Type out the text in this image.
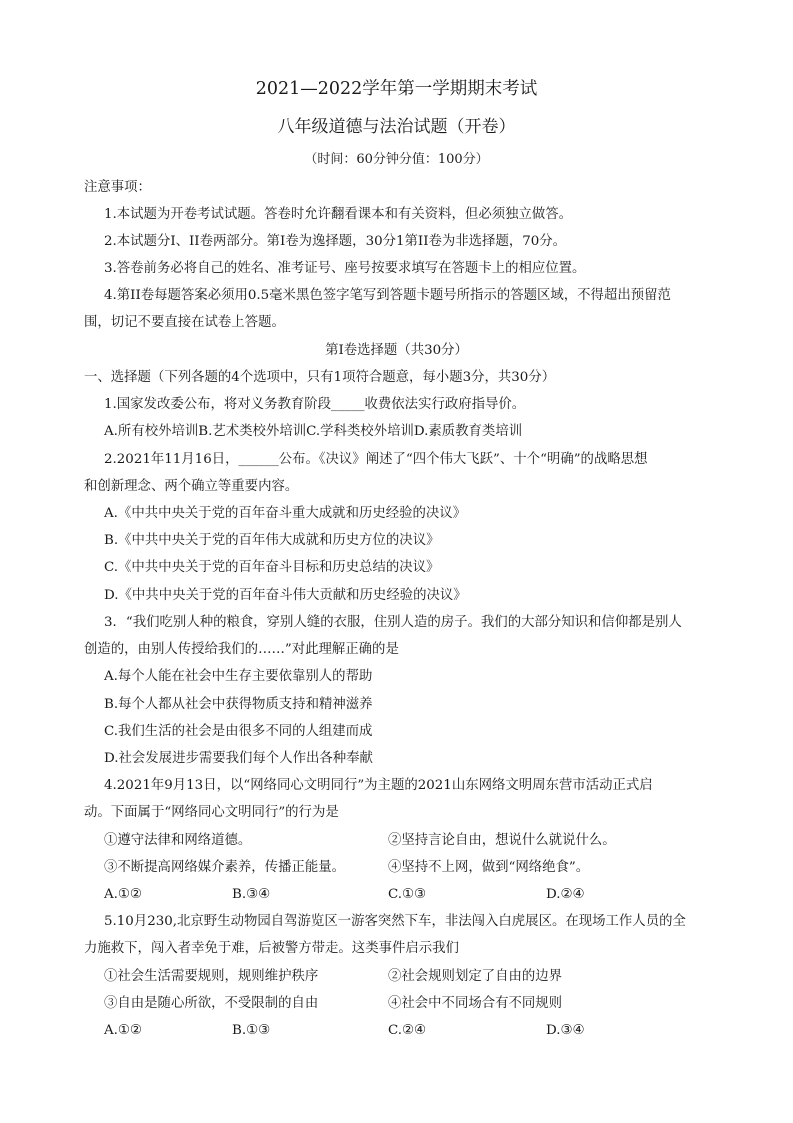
2021—2022学年第一学期期末考试
八年级道德与法治试题（开卷）
（时间：60分钟分值：100分）
注意事项：
1.本试题为开卷考试试题。答卷时允许翻看课本和有关资料，但必须独立做答。
2.本试题分I、II卷两部分。第I卷为逸择题，30分1第II卷为非选择题，70分。
3.答卷前务必将自己的姓名、准考证号、座号按要求填写在答题卡上的相应位置。
4.第II卷每题答案必须用0.5毫米黑色签字笔写到答题卡题号所指示的答题区域，不得超出预留范
围，切记不要直接在试卷上答题。
第I卷选择题（共30分）
一、选择题（下列各题的4个选项中，只有1项符合题意，每小题3分，共30分）
1.国家发改委公布，将对义务教育阶段_____收费依法实行政府指导价。
A.所有校外培训B.艺术类校外培训C.学科类校外培训D.素质教育类培训
2.2021年11月16日，______公布。《决议》阐述了“四个伟大飞跃”、十个“明确”的战略思想
和创新理念、两个确立等重要内容。
A.《中共中央关于党的百年奋斗重大成就和历史经验的决议》
B.《中共中央关于党的百年伟大成就和历史方位的决议》
C.《中共中央关于党的百年奋斗目标和历史总结的决议》
D.《中共中央关于党的百年奋斗伟大贡献和历史经验的决议》
3．“我们吃别人种的粮食，穿别人缝的衣服，住别人造的房子。我们的大部分知识和信仰都是别人
创造的，由别人传授给我们的……”对此理解正确的是
A.每个人能在社会中生存主要依靠别人的帮助
B.每个人都从社会中获得物质支持和精神滋养
C.我们生活的社会是由很多不同的人组建而成
D.社会发展进步需要我们每个人作出各种奉献
4.2021年9月13日，以“网络同心文明同行”为主题的2021山东网络文明周东营市活动正式启
动。下面属于“网络同心文明同行”的行为是
①遵守法律和网络道德。	②坚持言论自由，想说什么就说什么。
③不断提高网络媒介素养，传播正能量。	④坚持不上网，做到“网络绝食”。
A.①②	B.③④	C.①③	D.②④
5.10月230,北京野生动物园自驾游览区一游客突然下车，非法闯入白虎展区。在现场工作人员的全
力施救下，闯入者幸免于难，后被警方带走。这类事件启示我们
①社会生活需要规则，规则维护秩序	②社会规则划定了自由的边界
③自由是随心所欲，不受限制的自由	④社会中不同场合有不同规则
A.①②	B.①③	C.②④	D.③④
